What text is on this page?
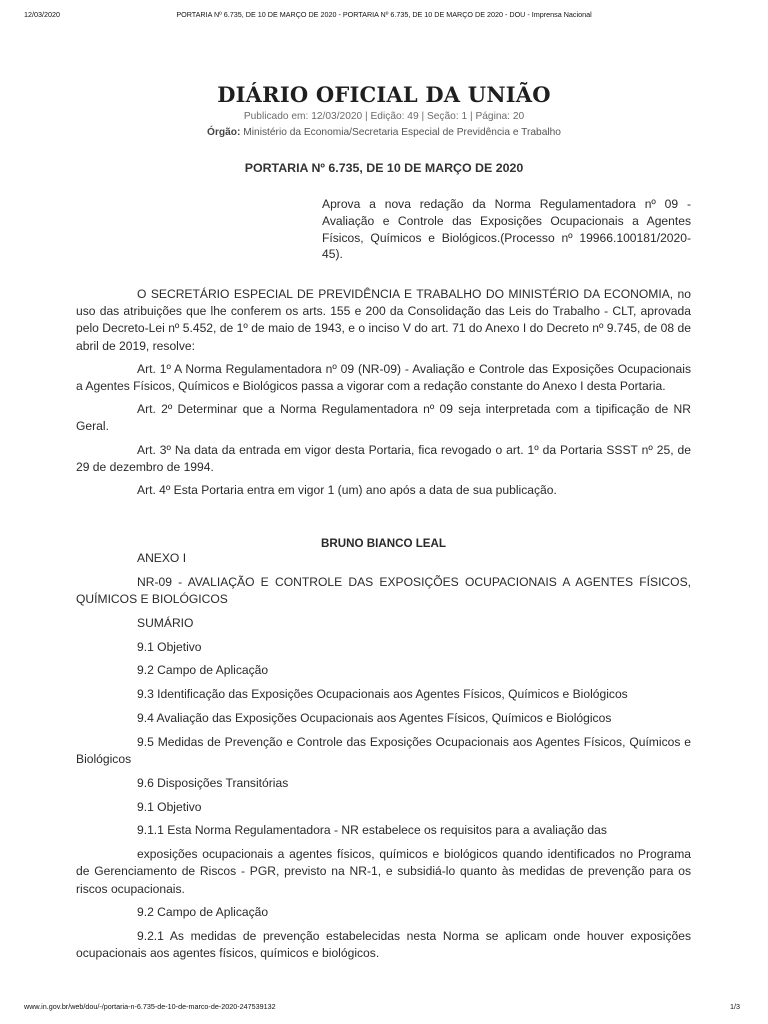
12/03/2020	PORTARIA Nº 6.735, DE 10 DE MARÇO DE 2020 - PORTARIA Nº 6.735, DE 10 DE MARÇO DE 2020 - DOU - Imprensa Nacional
DIÁRIO OFICIAL DA UNIÃO
Publicado em: 12/03/2020 | Edição: 49 | Seção: 1 | Página: 20
Órgão: Ministério da Economia/Secretaria Especial de Previdência e Trabalho
PORTARIA Nº 6.735, DE 10 DE MARÇO DE 2020

Aprova a nova redação da Norma Regulamentadora nº 09 - Avaliação e Controle das Exposições Ocupacionais a Agentes Físicos, Químicos e Biológicos.(Processo nº 19966.100181/2020-45).

O SECRETÁRIO ESPECIAL DE PREVIDÊNCIA E TRABALHO DO MINISTÉRIO DA ECONOMIA, no uso das atribuições que lhe conferem os arts. 155 e 200 da Consolidação das Leis do Trabalho - CLT, aprovada pelo Decreto-Lei nº 5.452, de 1º de maio de 1943, e o inciso V do art. 71 do Anexo I do Decreto nº 9.745, de 08 de abril de 2019, resolve:

Art. 1º A Norma Regulamentadora nº 09 (NR-09) - Avaliação e Controle das Exposições Ocupacionais a Agentes Físicos, Químicos e Biológicos passa a vigorar com a redação constante do Anexo I desta Portaria.

Art. 2º Determinar que a Norma Regulamentadora nº 09 seja interpretada com a tipificação de NR Geral.

Art. 3º Na data da entrada em vigor desta Portaria, fica revogado o art. 1º da Portaria SSST nº 25, de 29 de dezembro de 1994.

Art. 4º Esta Portaria entra em vigor 1 (um) ano após a data de sua publicação.

BRUNO BIANCO LEAL

ANEXO I

NR-09 - AVALIAÇÃO E CONTROLE DAS EXPOSIÇÕES OCUPACIONAIS A AGENTES FÍSICOS, QUÍMICOS E BIOLÓGICOS

SUMÁRIO

9.1 Objetivo

9.2 Campo de Aplicação

9.3 Identificação das Exposições Ocupacionais aos Agentes Físicos, Químicos e Biológicos

9.4 Avaliação das Exposições Ocupacionais aos Agentes Físicos, Químicos e Biológicos

9.5 Medidas de Prevenção e Controle das Exposições Ocupacionais aos Agentes Físicos, Químicos e Biológicos

9.6 Disposições Transitórias

9.1 Objetivo

9.1.1 Esta Norma Regulamentadora - NR estabelece os requisitos para a avaliação das

exposições ocupacionais a agentes físicos, químicos e biológicos quando identificados no Programa de Gerenciamento de Riscos - PGR, previsto na NR-1, e subsidiá-lo quanto às medidas de prevenção para os riscos ocupacionais.

9.2 Campo de Aplicação

9.2.1 As medidas de prevenção estabelecidas nesta Norma se aplicam onde houver exposições ocupacionais aos agentes físicos, químicos e biológicos.

www.in.gov.br/web/dou/-/portaria-n-6.735-de-10-de-marco-de-2020-247539132	1/3
